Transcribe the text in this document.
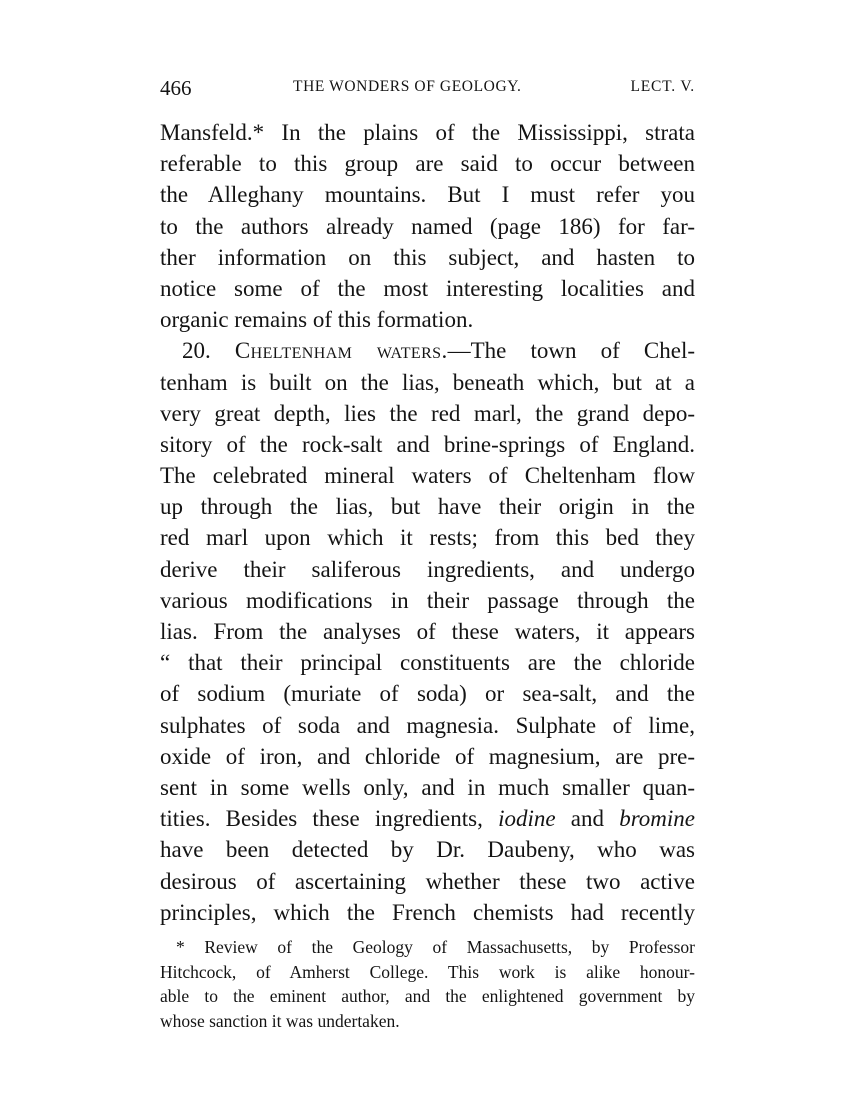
466	THE WONDERS OF GEOLOGY.	LECT. V.
Mansfeld.* In the plains of the Mississippi, strata
referable to this group are said to occur between
the Alleghany mountains. But I must refer you
to the authors already named (page 186) for far-
ther information on this subject, and hasten to
notice some of the most interesting localities and
organic remains of this formation.
20. Cheltenham waters.—The town of Chel-
tenham is built on the lias, beneath which, but at a
very great depth, lies the red marl, the grand depo-
sitory of the rock-salt and brine-springs of England.
The celebrated mineral waters of Cheltenham flow
up through the lias, but have their origin in the
red marl upon which it rests; from this bed they
derive their saliferous ingredients, and undergo
various modifications in their passage through the
lias. From the analyses of these waters, it appears
“ that their principal constituents are the chloride
of sodium (muriate of soda) or sea-salt, and the
sulphates of soda and magnesia. Sulphate of lime,
oxide of iron, and chloride of magnesium, are pre-
sent in some wells only, and in much smaller quan-
tities. Besides these ingredients, iodine and bromine
have been detected by Dr. Daubeny, who was
desirous of ascertaining whether these two active
principles, which the French chemists had recently
* Review of the Geology of Massachusetts, by Professor
Hitchcock, of Amherst College. This work is alike honour-
able to the eminent author, and the enlightened government by
whose sanction it was undertaken.
